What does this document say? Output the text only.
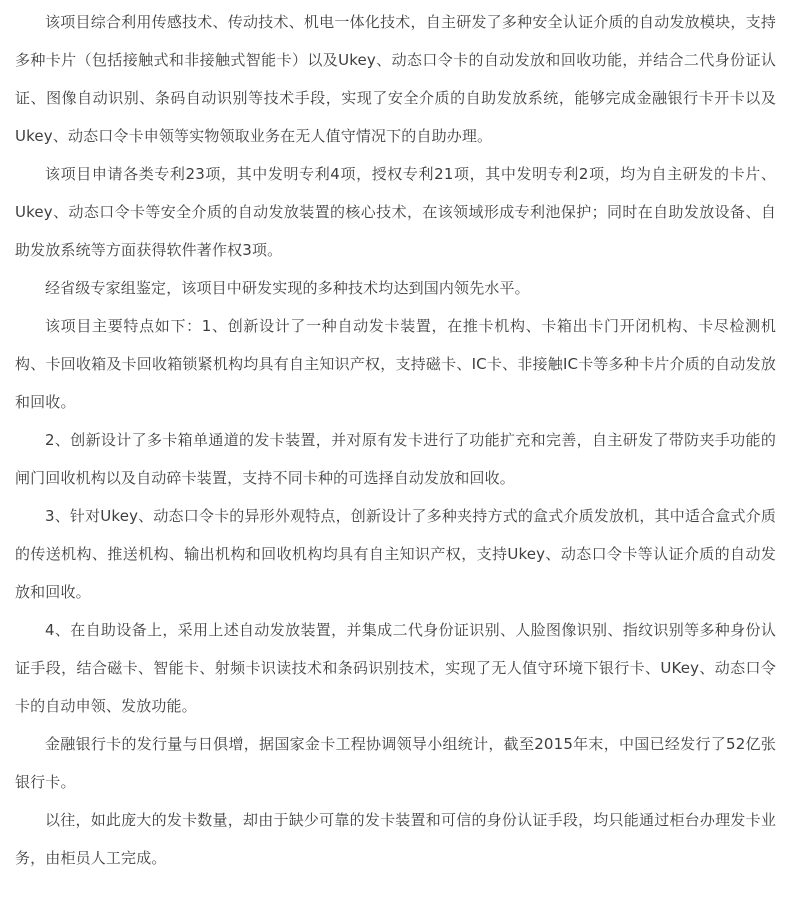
该项目综合利用传感技术、传动技术、机电一体化技术，自主研发了多种安全认证介质的自动发放模块，支持多种卡片（包括接触式和非接触式智能卡）以及Ukey、动态口令卡的自动发放和回收功能，并结合二代身份证认证、图像自动识别、条码自动识别等技术手段，实现了安全介质的自助发放系统，能够完成金融银行卡开卡以及Ukey、动态口令卡申领等实物领取业务在无人值守情况下的自助办理。

该项目申请各类专利23项，其中发明专利4项，授权专利21项，其中发明专利2项，均为自主研发的卡片、Ukey、动态口令卡等安全介质的自动发放装置的核心技术，在该领域形成专利池保护；同时在自助发放设备、自助发放系统等方面获得软件著作权3项。

经省级专家组鉴定，该项目中研发实现的多种技术均达到国内领先水平。

该项目主要特点如下：1、创新设计了一种自动发卡装置，在推卡机构、卡箱出卡门开闭机构、卡尽检测机构、卡回收箱及卡回收箱锁紧机构均具有自主知识产权，支持磁卡、IC卡、非接触IC卡等多种卡片介质的自动发放和回收。

2、创新设计了多卡箱单通道的发卡装置，并对原有发卡进行了功能扩充和完善，自主研发了带防夹手功能的闸门回收机构以及自动碎卡装置，支持不同卡种的可选择自动发放和回收。

3、针对Ukey、动态口令卡的异形外观特点，创新设计了多种夹持方式的盒式介质发放机，其中适合盒式介质的传送机构、推送机构、输出机构和回收机构均具有自主知识产权，支持Ukey、动态口令卡等认证介质的自动发放和回收。

4、在自助设备上，采用上述自动发放装置，并集成二代身份证识别、人脸图像识别、指纹识别等多种身份认证手段，结合磁卡、智能卡、射频卡识读技术和条码识别技术，实现了无人值守环境下银行卡、UKey、动态口令卡的自动申领、发放功能。

金融银行卡的发行量与日俱增，据国家金卡工程协调领导小组统计，截至2015年末，中国已经发行了52亿张银行卡。

以往，如此庞大的发卡数量，却由于缺少可靠的发卡装置和可信的身份认证手段，均只能通过柜台办理发卡业务，由柜员人工完成。
